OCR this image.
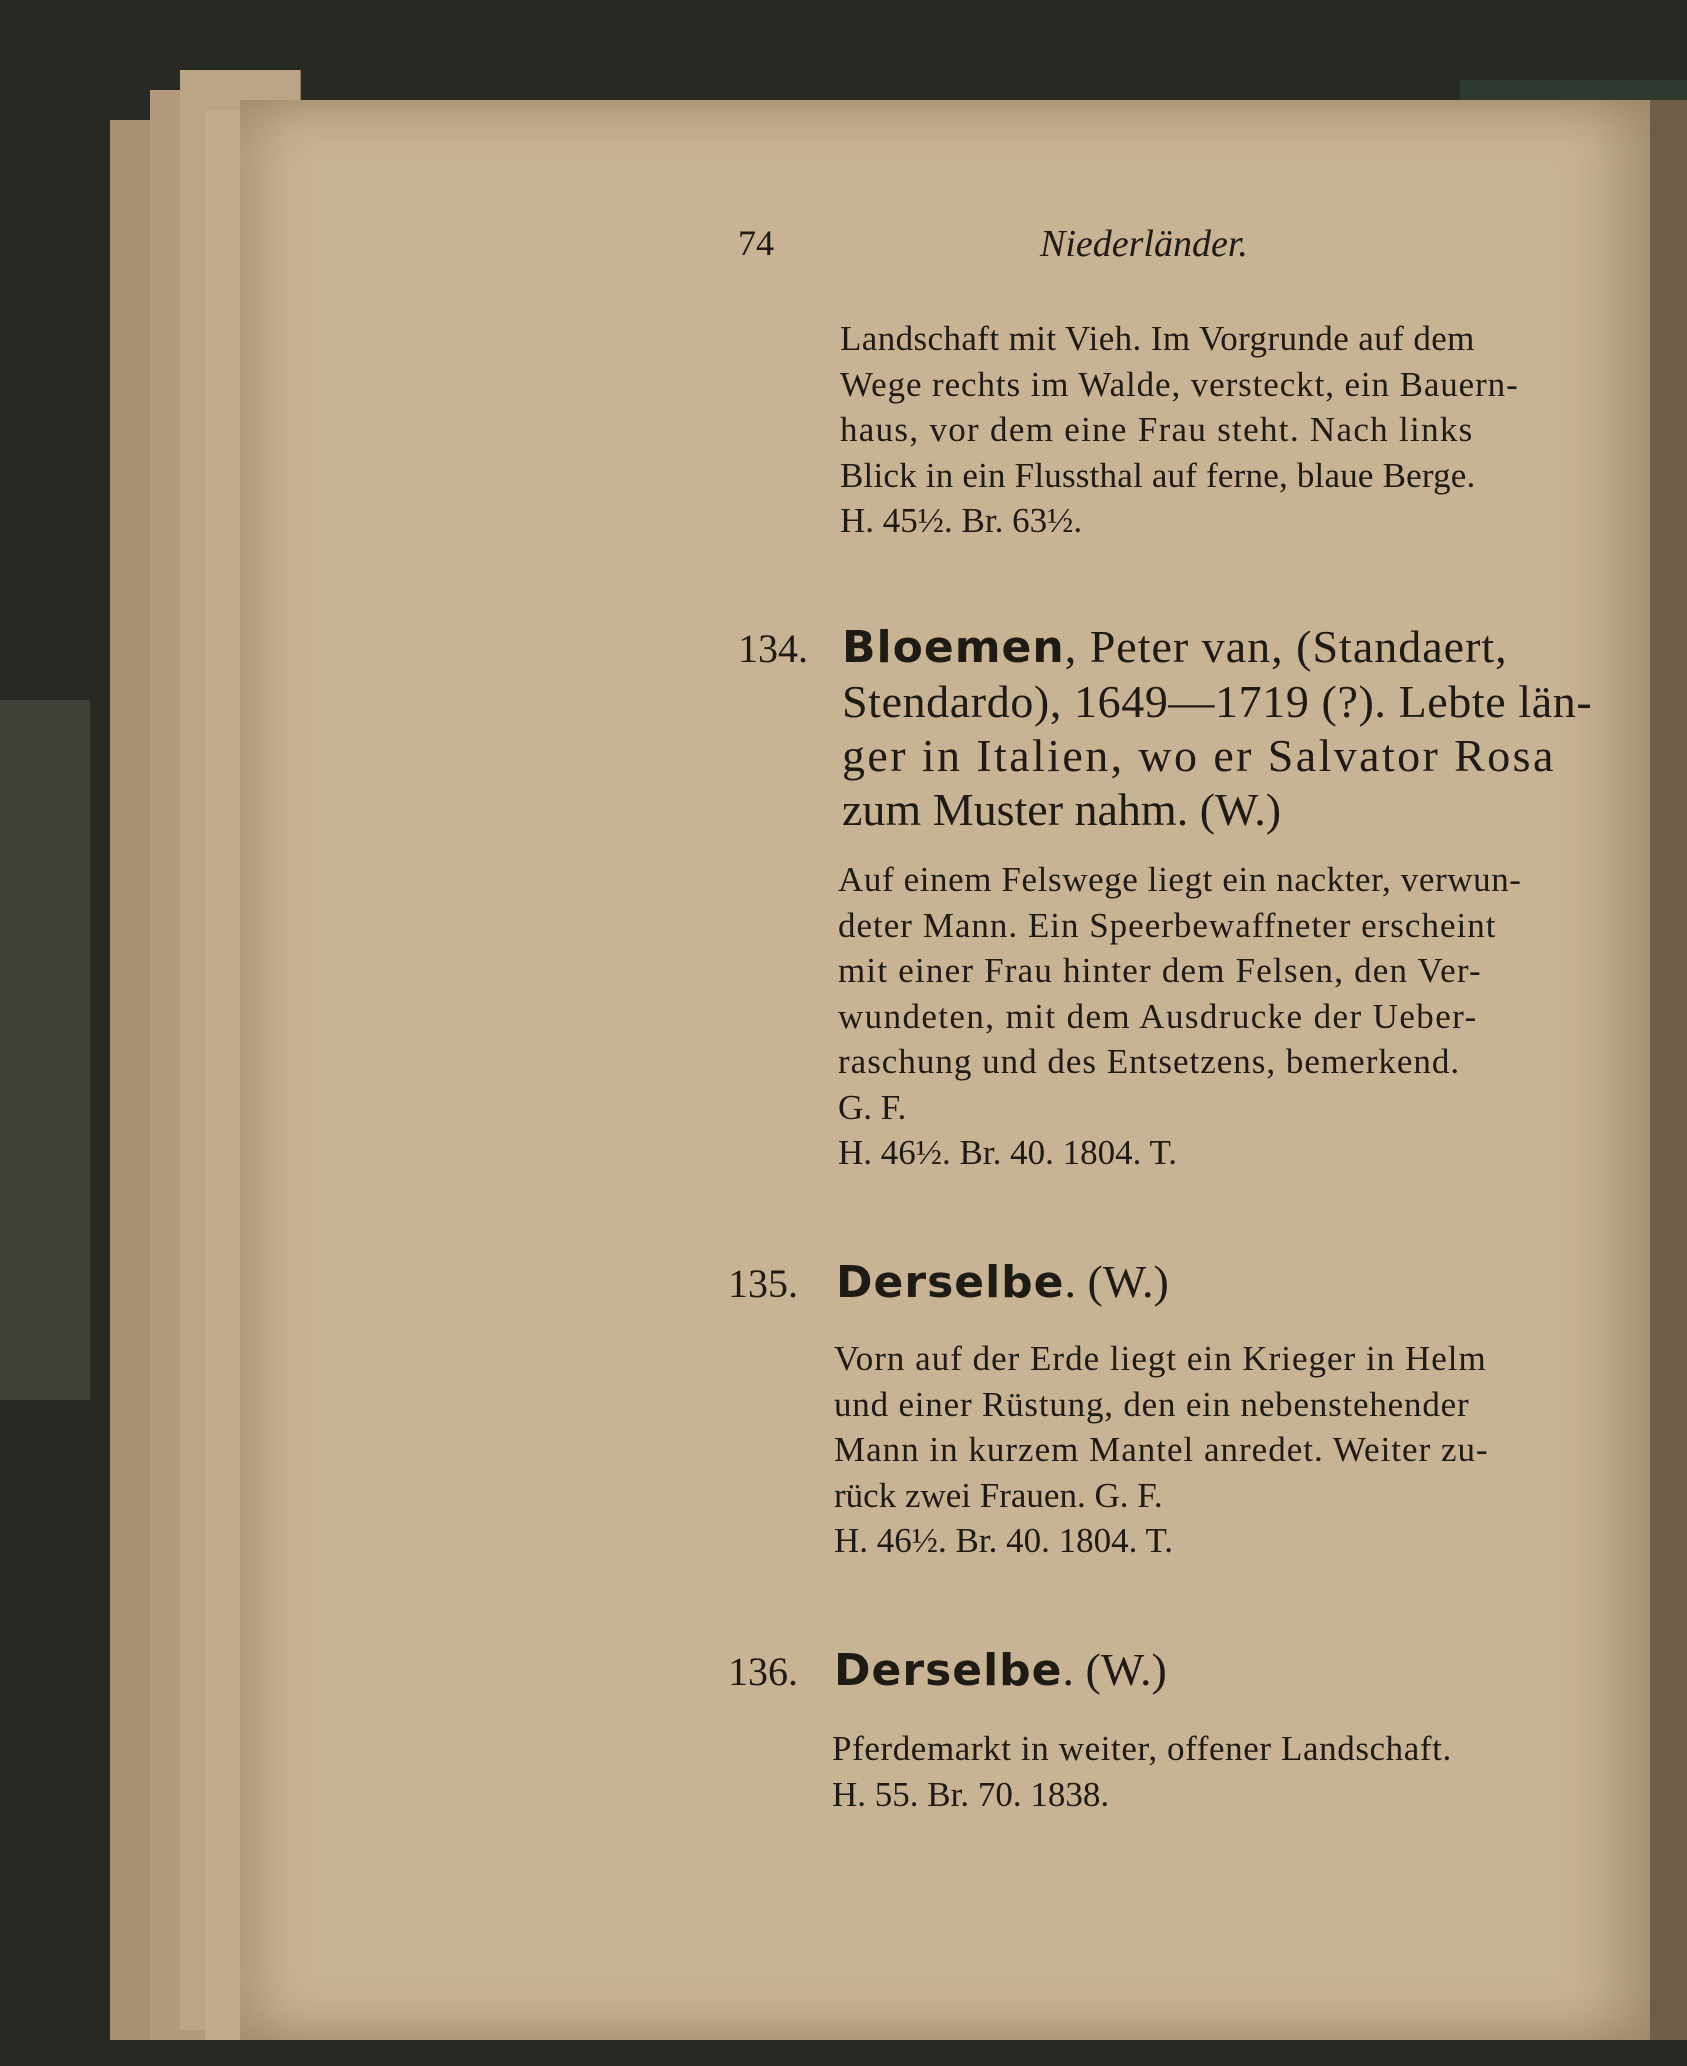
74	Niederländer.
Landschaft mit Vieh. Im Vorgrunde auf dem
Wege rechts im Walde, versteckt, ein Bauern-
haus, vor dem eine Frau steht. Nach links
Blick in ein Flussthal auf ferne, blaue Berge.
H. 45½. Br. 63½.
134. Bloemen, Peter van, (Standaert,
Stendardo), 1649—1719 (?). Lebte län-
ger in Italien, wo er Salvator Rosa
zum Muster nahm. (W.)
Auf einem Felswege liegt ein nackter, verwun-
deter Mann. Ein Speerbewaffneter erscheint
mit einer Frau hinter dem Felsen, den Ver-
wundeten, mit dem Ausdrucke der Ueber-
raschung und des Entsetzens, bemerkend.
G. F.
H. 46½. Br. 40. 1804. T.
135. Derselbe. (W.)
Vorn auf der Erde liegt ein Krieger in Helm
und einer Rüstung, den ein nebenstehender
Mann in kurzem Mantel anredet. Weiter zu-
rück zwei Frauen. G. F.
H. 46½. Br. 40. 1804. T.
136. Derselbe. (W.)
Pferdemarkt in weiter, offener Landschaft.
H. 55. Br. 70. 1838.
